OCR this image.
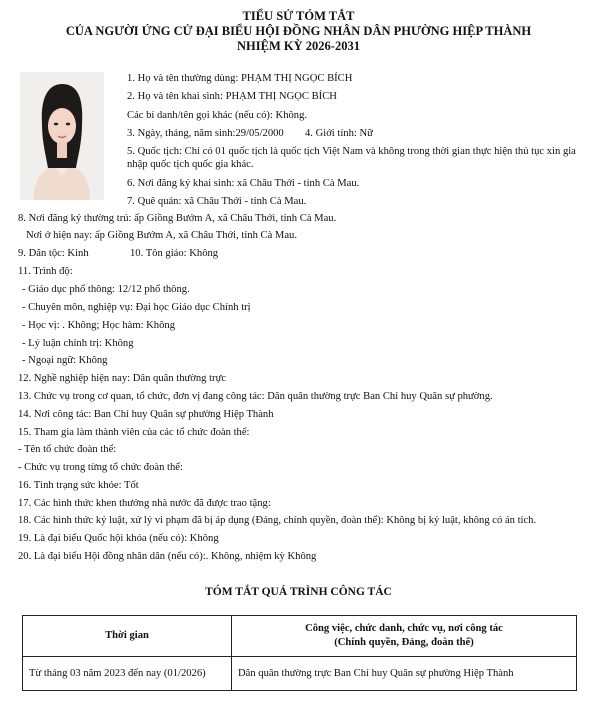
TIỂU SỬ TÓM TẮT
CỦA NGƯỜI ỨNG CỬ ĐẠI BIỂU HỘI ĐỒNG NHÂN DÂN PHƯỜNG HIỆP THÀNH
NHIỆM KỲ 2026-2031
1. Họ và tên thường dùng: PHẠM THỊ NGỌC BÍCH
2. Họ và tên khai sinh: PHẠM THỊ NGỌC BÍCH
Các bí danh/tên gọi khác (nếu có): Không.
3. Ngày, tháng, năm sinh:29/05/2000 4. Giới tính: Nữ
5. Quốc tịch: Chỉ có 01 quốc tịch là quốc tịch Việt Nam và không trong thời gian thực hiện thủ tục xin gia nhập quốc tịch quốc gia khác.
6. Nơi đăng ký khai sinh: xã Châu Thới - tỉnh Cà Mau.
7. Quê quán: xã Châu Thới - tỉnh Cà Mau.
8. Nơi đăng ký thường trú: ấp Giồng Bướm A, xã Châu Thới, tỉnh Cà Mau.
Nơi ở hiện nay: ấp Giồng Bướm A, xã Châu Thới, tỉnh Cà Mau.
9. Dân tộc: Kinh	10. Tôn giáo: Không
11. Trình độ:
- Giáo dục phổ thông: 12/12 phổ thông.
- Chuyên môn, nghiệp vụ: Đại học Giáo dục Chính trị
- Học vị: . Không; Học hàm: Không
- Lý luận chính trị: Không
- Ngoại ngữ: Không
12. Nghề nghiệp hiện nay: Dân quân thường trực
13. Chức vụ trong cơ quan, tổ chức, đơn vị đang công tác: Dân quân thường trực Ban Chỉ huy Quân sự phường.
14. Nơi công tác: Ban Chỉ huy Quân sự phường Hiệp Thành
15. Tham gia làm thành viên của các tổ chức đoàn thể:
- Tên tổ chức đoàn thể:
- Chức vụ trong từng tổ chức đoàn thể:
16. Tình trạng sức khỏe: Tốt
17. Các hình thức khen thưởng nhà nước đã được trao tặng:
18. Các hình thức kỷ luật, xử lý vi phạm đã bị áp dụng (Đảng, chính quyền, đoàn thể): Không bị kỷ luật, không có án tích.
19. Là đại biểu Quốc hội khóa (nếu có): Không
20. Là đại biểu Hội đồng nhân dân (nếu có):. Không, nhiệm kỳ Không
TÓM TẮT QUÁ TRÌNH CÔNG TÁC
Thời gian	Công việc, chức danh, chức vụ, nơi công tác
(Chính quyền, Đảng, đoàn thể)

Từ tháng 03 năm 2023 đến nay (01/2026)	Dân quân thường trực Ban Chỉ huy Quân sự phường Hiệp Thành
